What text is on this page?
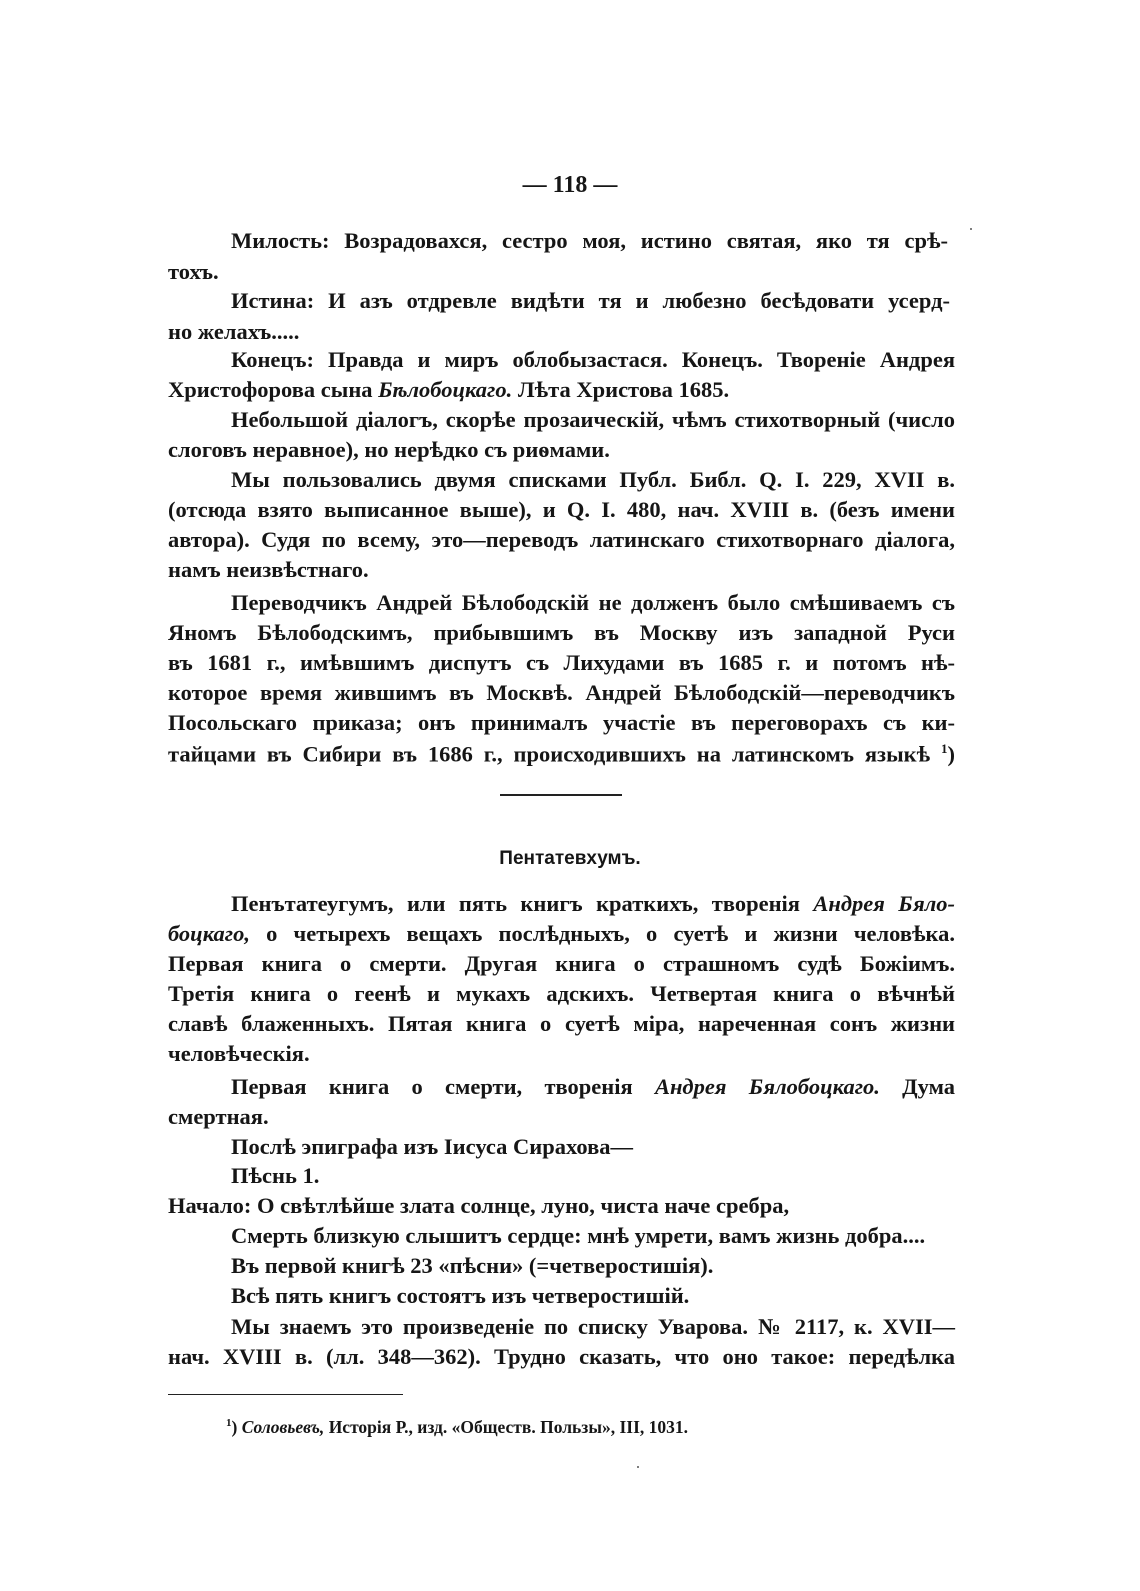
— 118 —
Милость: Возрадовахся, сестро моя, истино святая, яко тя срѣ-
тохъ.
Истина: И азъ отдревле видѣти тя и любезно бесѣдовати усерд-
но желахъ.....
Конецъ: Правда и миръ облобызастася. Конецъ. Твореніе Андрея
Христофорова сына Бѣлобоцкаго. Лѣта Христова 1685.
Небольшой діалогъ, скорѣе прозаическій, чѣмъ стихотворный (число
слоговъ неравное), но нерѣдко съ риѳмами.
Мы пользовались двумя списками Публ. Библ. Q. I. 229, XVII в.
(отсюда взято выписанное выше), и Q. I. 480, нач. XVIII в. (безъ имени
автора). Судя по всему, это—переводъ латинскаго стихотворнаго діалога,
намъ неизвѣстнаго.
Переводчикъ Андрей Бѣлободскій не долженъ было смѣшиваемъ съ
Яномъ Бѣлободскимъ, прибывшимъ въ Москву изъ западной Руси
въ 1681 г., имѣвшимъ диспутъ съ Лихудами въ 1685 г. и потомъ нѣ-
которое время жившимъ въ Москвѣ. Андрей Бѣлободскій—переводчикъ
Посольскаго приказа; онъ принималъ участіе въ переговорахъ съ ки-
тайцами въ Сибири въ 1686 г., происходившихъ на латинскомъ языкѣ $^1$)
Пентатевхумъ.
Пенътатеугумъ, или пять книгъ краткихъ, творенія Андрея Бяло-
боцкаго, о четырехъ вещахъ послѣдныхъ, о суетѣ и жизни человѣка.
Первая книга о смерти. Другая книга о страшномъ судѣ Божіимъ.
Третія книга о геенѣ и мукахъ адскихъ. Четвертая книга о вѣчнѣй
славѣ блаженныхъ. Пятая книга о суетѣ міра, нареченная сонъ жизни
человѣческія.
Первая книга о смерти, творенія Андрея Бялобоцкаго. Дума
смертная.
Послѣ эпиграфа изъ Іисуса Сирахова—
Пѣснь 1.
Начало: О свѣтлѣйше злата солнце, луно, чиста наче сребра,
Смерть близкую слышитъ сердце: мнѣ умрети, вамъ жизнь добра....
Въ первой книгѣ 23 «пѣсни» (=четверостишія).
Всѣ пять книгъ состоятъ изъ четверостишій.
Мы знаемъ это произведеніе по списку Уварова. № 2117, к. XVII—
нач. XVIII в. (лл. 348—362). Трудно сказать, что оно такое: передѣлка
$^1$) Соловьевъ, Исторія Р., изд. «Обществ. Пользы», III, 1031.
